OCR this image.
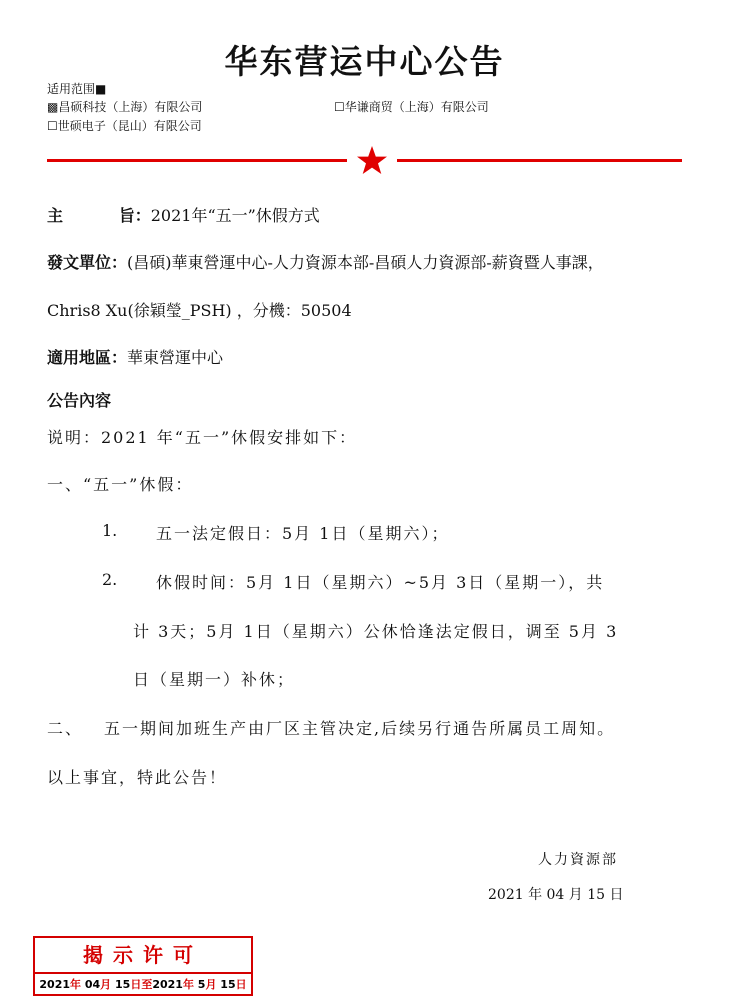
华东营运中心公告
适用范围■
▩昌硕科技（上海）有限公司	☐华谦商贸（上海）有限公司
☐世硕电子（昆山）有限公司
主          旨：2021年“五一”休假方式
發文單位：(昌碩)華東營運中心-人力資源本部-昌碩人力資源部-薪資暨人事課，
Chris8 Xu(徐穎瑩_PSH) ，分機：50504
適用地區：華東營運中心
公告內容
说明：2021 年“五一”休假安排如下：
一、“五一”休假：
1. 五一法定假日：5月 1日（星期六）；
2. 休假时间：5月 1日（星期六）~5月 3日（星期一），共
计 3天；5月 1日（星期六）公休恰逢法定假日，调至 5月 3
日（星期一）补休；
二、 五一期间加班生产由厂区主管决定,后续另行通告所属员工周知。
以上事宜，特此公告！
人力資源部
2021 年 04 月 15 日
揭示许可
2021年 04月 15日至2021年 5月 15日
